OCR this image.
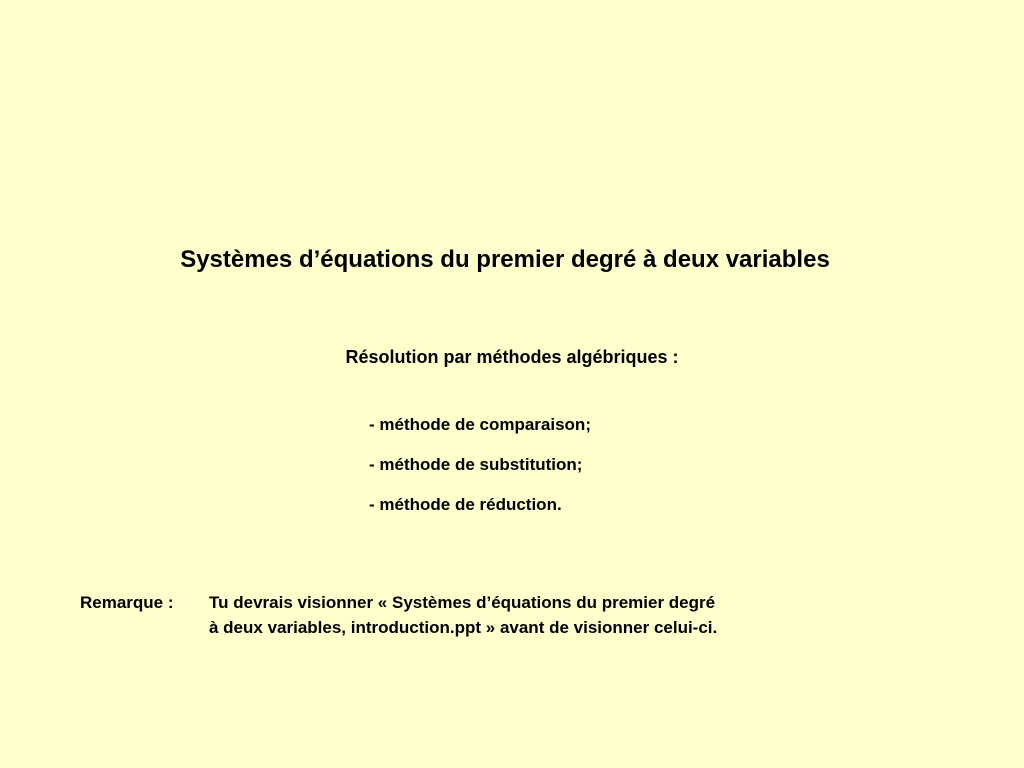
Systèmes d’équations du premier degré à deux variables
Résolution par méthodes algébriques :
- méthode de comparaison;
- méthode de substitution;
- méthode de réduction.
Remarque : Tu devrais visionner « Systèmes d’équations du premier degré
à deux variables, introduction.ppt » avant de visionner celui-ci.
